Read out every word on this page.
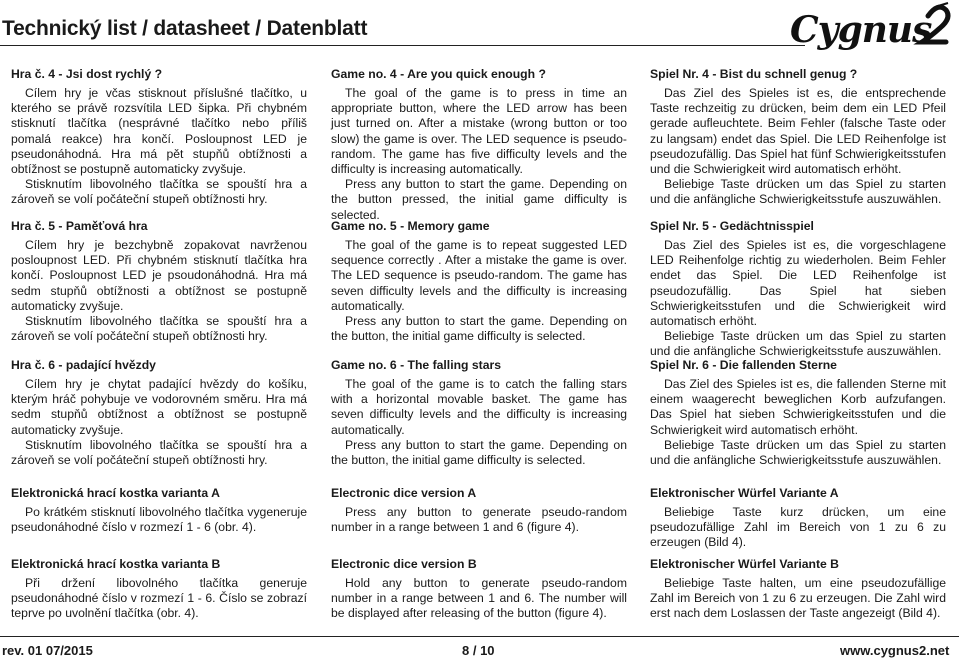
Technický list / datasheet / Datenblatt	Cygnus
Hra č. 4 - Jsi dost rychlý ?

Cílem hry je včas stisknout příslušné tlačítko, u kterého se právě rozsvítila LED šipka. Při chybném stisknutí tlačítka (nesprávné tlačítko nebo příliš pomalá reakce) hra končí. Posloupnost LED je pseudonáhodná. Hra má pět stupňů obtížnosti a obtížnost se postupně automaticky zvyšuje.

Stisknutím libovolného tlačítka se spouští hra a zároveň se volí počáteční stupeň obtížnosti hry.

Hra č. 5 - Paměťová hra

Cílem hry je bezchybně zopakovat navrženou posloupnost LED. Při chybném stisknutí tlačítka hra končí. Posloupnost LED je psoudonáhodná. Hra má sedm stupňů obtížnosti a obtížnost se postupně automaticky zvyšuje.

Stisknutím libovolného tlačítka se spouští hra a zároveň se volí počáteční stupeň obtížnosti hry.

Hra č. 6 - padající hvězdy

Cílem hry je chytat padající hvězdy do košíku, kterým hráč pohybuje ve vodorovném směru. Hra má sedm stupňů obtížnost a obtížnost se postupně automaticky zvyšuje.

Stisknutím libovolného tlačítka se spouští hra a zároveň se volí počáteční stupeň obtížnosti hry.

Elektronická hrací kostka varianta A

Po krátkém stisknutí libovolného tlačítka vygeneruje pseudonáhodné číslo v rozmezí 1 - 6 (obr. 4).

Elektronická hrací kostka varianta B

Při držení libovolného tlačítka generuje pseudonáhodné číslo v rozmezí 1 - 6. Číslo se zobrazí teprve po uvolnění tlačítka (obr. 4).

Game no. 4 - Are you quick enough ?

The goal of the game is to press in time an appropriate button, where the LED arrow has been just turned on. After a mistake (wrong button or too slow) the game is over. The LED sequence is pseudo-random. The game has five difficulty levels and the difficulty is increasing automatically.

Press any button to start the game. Depending on the button pressed, the initial game difficulty is selected.

Game no. 5 - Memory game

The goal of the game is to repeat suggested LED sequence correctly . After a mistake the game is over. The LED sequence is pseudo-random. The game has seven difficulty levels and the difficulty is increasing automatically.

Press any button to start the game. Depending on the button, the initial game difficulty is selected.

Game no. 6 - The falling stars

The goal of the game is to catch the falling stars with a horizontal movable basket. The game has seven difficulty levels and the difficulty is increasing automatically.

Press any button to start the game. Depending on the button, the initial game difficulty is selected.

Electronic dice version A

Press any button to generate pseudo-random number in a range between 1 and 6 (figure 4).

Electronic dice version B

Hold any button to generate pseudo-random number in a range between 1 and 6. The number will be displayed after releasing of the button (figure 4).

Spiel Nr. 4 - Bist du schnell genug ?

Das Ziel des Spieles ist es, die entsprechende Taste rechzeitig zu drücken, beim dem ein LED Pfeil gerade aufleuchtete. Beim Fehler (falsche Taste oder zu langsam) endet das Spiel. Die LED Reihenfolge ist pseudozufällig. Das Spiel hat fünf Schwierigkeitsstufen und die Schwierigkeit wird automatisch erhöht.

Beliebige Taste drücken um das Spiel zu starten und die anfängliche Schwierigkeitsstufe auszuwählen.

Spiel Nr. 5 - Gedächtnisspiel

Das Ziel des Spieles ist es, die vorgeschlagene LED Reihenfolge richtig zu wiederholen. Beim Fehler endet das Spiel. Die LED Reihenfolge ist pseudozufällig. Das Spiel hat sieben Schwierigkeitsstufen und die Schwierigkeit wird automatisch erhöht.

Beliebige Taste drücken um das Spiel zu starten und die anfängliche Schwierigkeitsstufe auszuwählen.

Spiel Nr. 6 - Die fallenden Sterne

Das Ziel des Spieles ist es, die fallenden Sterne mit einem waagerecht beweglichen Korb aufzufangen. Das Spiel hat sieben Schwierigkeitsstufen und die Schwierigkeit wird automatisch erhöht.

Beliebige Taste drücken um das Spiel zu starten und die anfängliche Schwierigkeitsstufe auszuwählen.

Elektronischer Würfel Variante A

Beliebige Taste kurz drücken, um eine pseudozufällige Zahl im Bereich von 1 zu 6 zu erzeugen (Bild 4).

Elektronischer Würfel Variante B

Beliebige Taste halten, um eine pseudozufällige Zahl im Bereich von 1 zu 6 zu erzeugen. Die Zahl wird erst nach dem Loslassen der Taste angezeigt (Bild 4).

rev. 01 07/2015	8 / 10	www.cygnus2.net
